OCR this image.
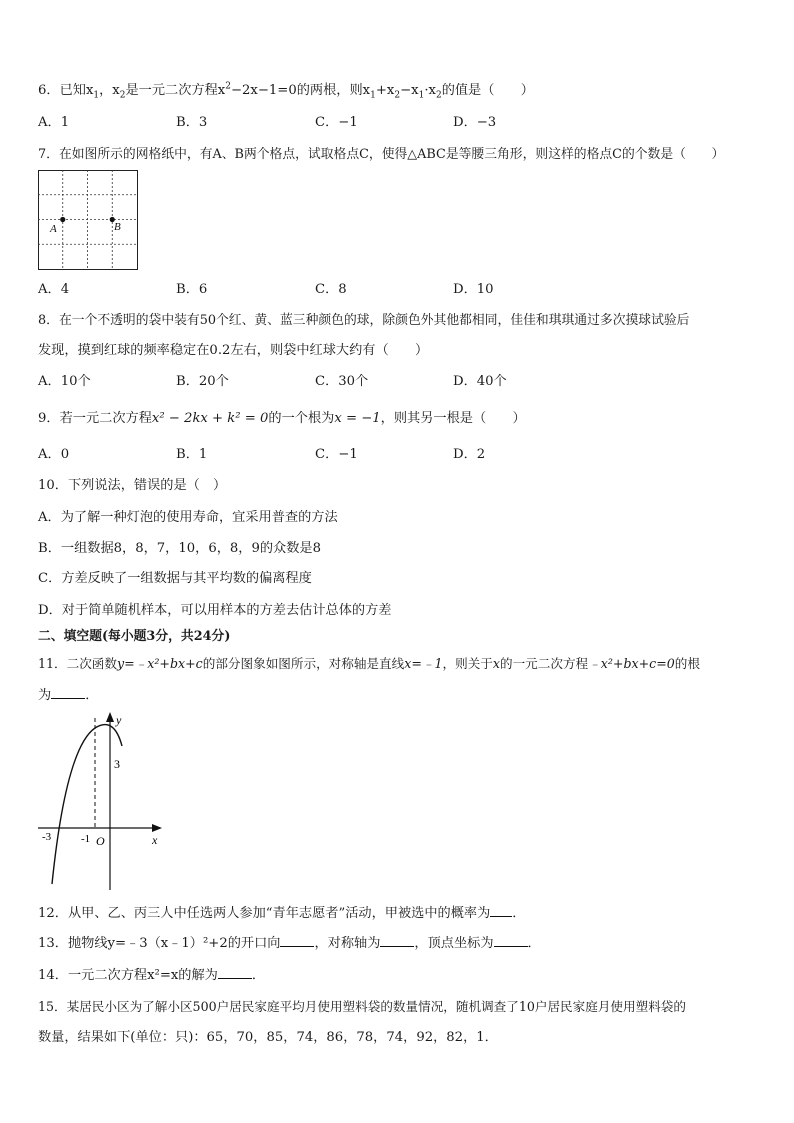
6．已知$x_1$，$x_2$是一元二次方程$x^2-2x-1=0$的两根，则$x_1+x_2-x_1\cdot x_2$的值是（　　）
A．1	B．3	C．−1	D．−3
7．在如图所示的网格纸中，有A、B两个格点，试取格点C，使得△ABC是等腰三角形，则这样的格点C的个数是（　　）
A	B
A．4	B．6	C．8	D．10
8．在一个不透明的袋中装有50个红、黄、蓝三种颜色的球，除颜色外其他都相同，佳佳和琪琪通过多次摸球试验后
发现，摸到红球的频率稳定在0.2左右，则袋中红球大约有（　　）
A．10个	B．20个	C．30个	D．40个
9．若一元二次方程x² − 2kx + k² = 0的一个根为x = −1，则其另一根是（　　）
A．0	B．1	C．−1	D．2
10．下列说法，错误的是（　）
A．为了解一种灯泡的使用寿命，宜采用普查的方法
B．一组数据8，8，7，10，6，8，9的众数是8
C．方差反映了一组数据与其平均数的偏离程度
D．对于简单随机样本，可以用样本的方差去估计总体的方差
二、填空题(每小题3分，共24分)
11．二次函数y=﹣x²+bx+c的部分图象如图所示，对称轴是直线x=﹣1，则关于x的一元二次方程﹣x²+bx+c=0的根
为	．
y
x
O
3
-1
-3
12．从甲、乙、丙三人中任选两人参加“青年志愿者”活动，甲被选中的概率为 ．
13．抛物线y=﹣3（x﹣1）²+2的开口向	，对称轴为	，顶点坐标为	．
14．一元二次方程x²=x的解为	．
15．某居民小区为了解小区500户居民家庭平均月使用塑料袋的数量情况，随机调查了10户居民家庭月使用塑料袋的
数量，结果如下(单位：只)：65，70，85，74，86，78，74，92，82，1．
